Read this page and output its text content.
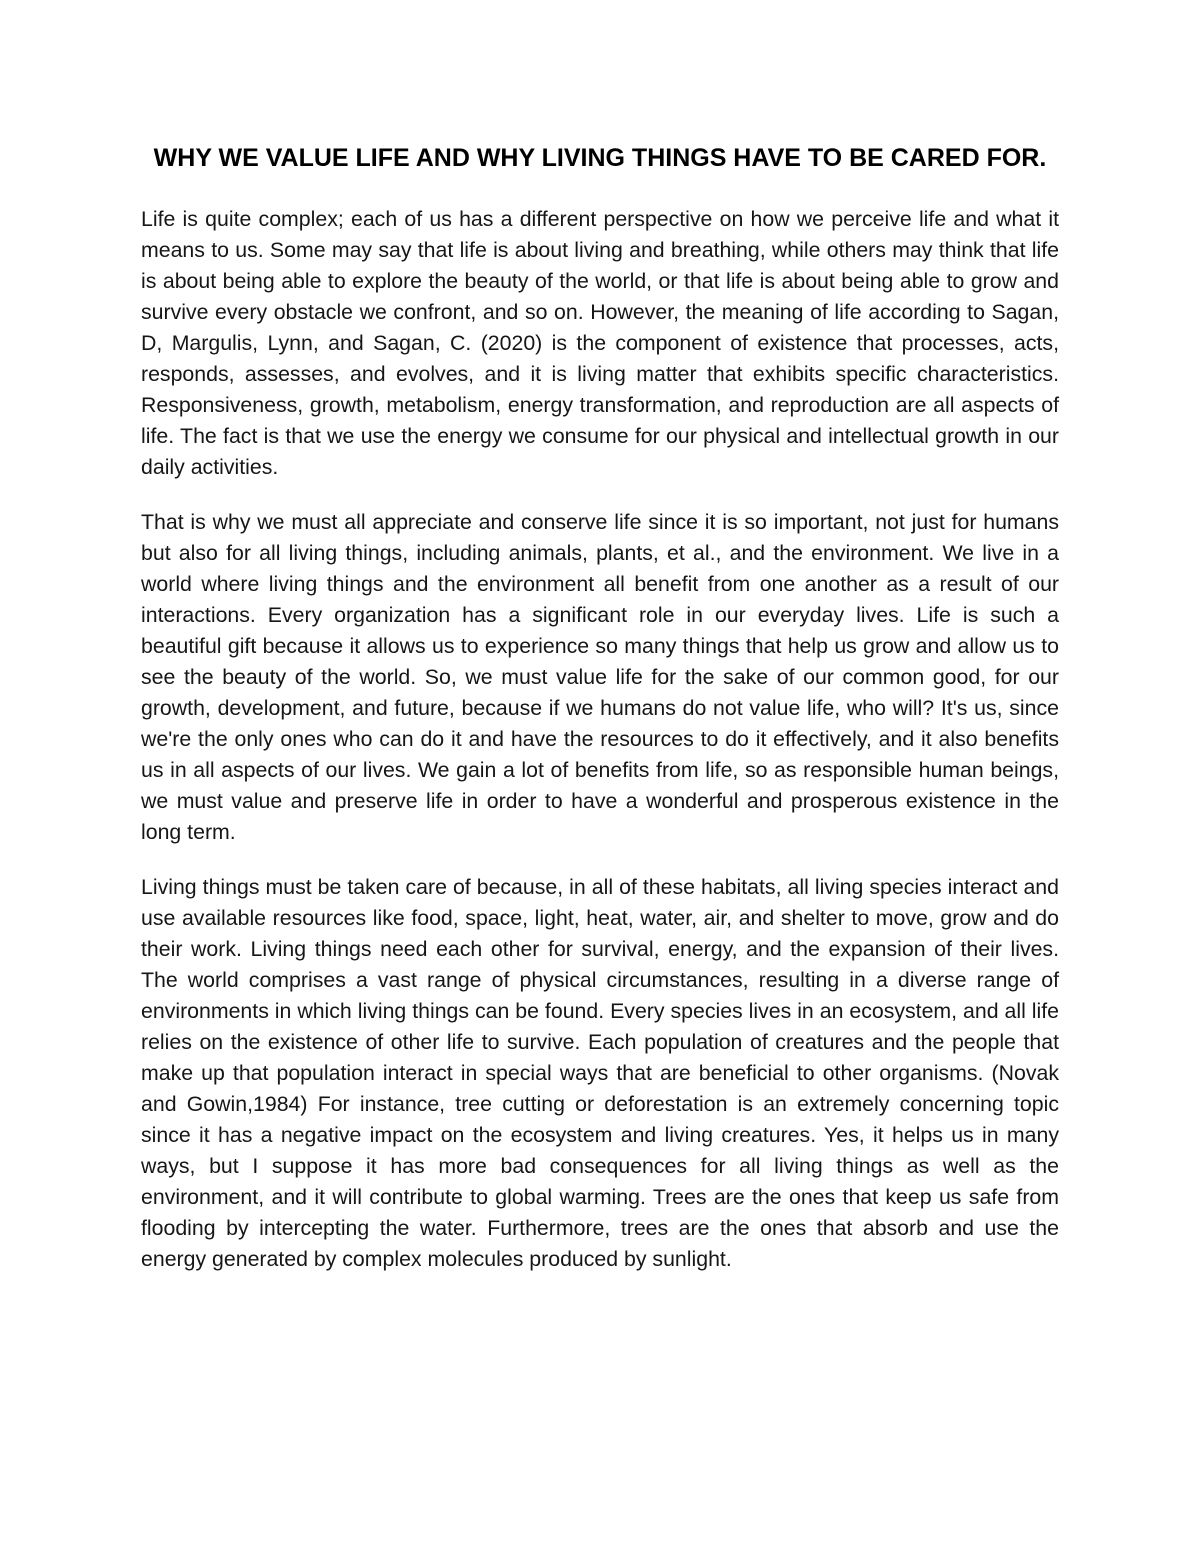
WHY WE VALUE LIFE AND WHY LIVING THINGS HAVE TO BE CARED FOR.

Life is quite complex; each of us has a different perspective on how we perceive life and what it means to us. Some may say that life is about living and breathing, while others may think that life is about being able to explore the beauty of the world, or that life is about being able to grow and survive every obstacle we confront, and so on. However, the meaning of life according to Sagan, D, Margulis, Lynn, and Sagan, C. (2020) is the component of existence that processes, acts, responds, assesses, and evolves, and it is living matter that exhibits specific characteristics. Responsiveness, growth, metabolism, energy transformation, and reproduction are all aspects of life. The fact is that we use the energy we consume for our physical and intellectual growth in our daily activities.

That is why we must all appreciate and conserve life since it is so important, not just for humans but also for all living things, including animals, plants, et al., and the environment. We live in a world where living things and the environment all benefit from one another as a result of our interactions. Every organization has a significant role in our everyday lives. Life is such a beautiful gift because it allows us to experience so many things that help us grow and allow us to see the beauty of the world. So, we must value life for the sake of our common good, for our growth, development, and future, because if we humans do not value life, who will? It's us, since we're the only ones who can do it and have the resources to do it effectively, and it also benefits us in all aspects of our lives. We gain a lot of benefits from life, so as responsible human beings, we must value and preserve life in order to have a wonderful and prosperous existence in the long term.

Living things must be taken care of because, in all of these habitats, all living species interact and use available resources like food, space, light, heat, water, air, and shelter to move, grow and do their work. Living things need each other for survival, energy, and the expansion of their lives. The world comprises a vast range of physical circumstances, resulting in a diverse range of environments in which living things can be found. Every species lives in an ecosystem, and all life relies on the existence of other life to survive. Each population of creatures and the people that make up that population interact in special ways that are beneficial to other organisms. (Novak and Gowin,1984) For instance, tree cutting or deforestation is an extremely concerning topic since it has a negative impact on the ecosystem and living creatures. Yes, it helps us in many ways, but I suppose it has more bad consequences for all living things as well as the environment, and it will contribute to global warming. Trees are the ones that keep us safe from flooding by intercepting the water. Furthermore, trees are the ones that absorb and use the energy generated by complex molecules produced by sunlight.
